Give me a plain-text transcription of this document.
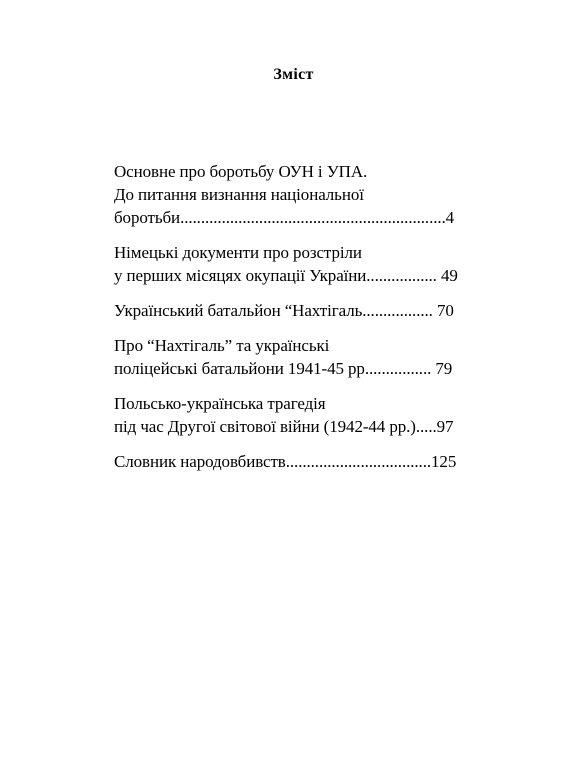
Зміст
Основне про боротьбу ОУН і УПА.
До питання визнання національної
боротьби................................................................4
Німецькі документи про розстріли
у перших місяцях окупації України................. 49
Український батальйон “Нахтігаль................. 70
Про “Нахтігаль” та українські
поліцейські батальйони 1941-45 рр................ 79
Польсько-українська трагедія
під час Другої світової війни (1942-44 рр.).....97
Словник народовбивств...................................125
